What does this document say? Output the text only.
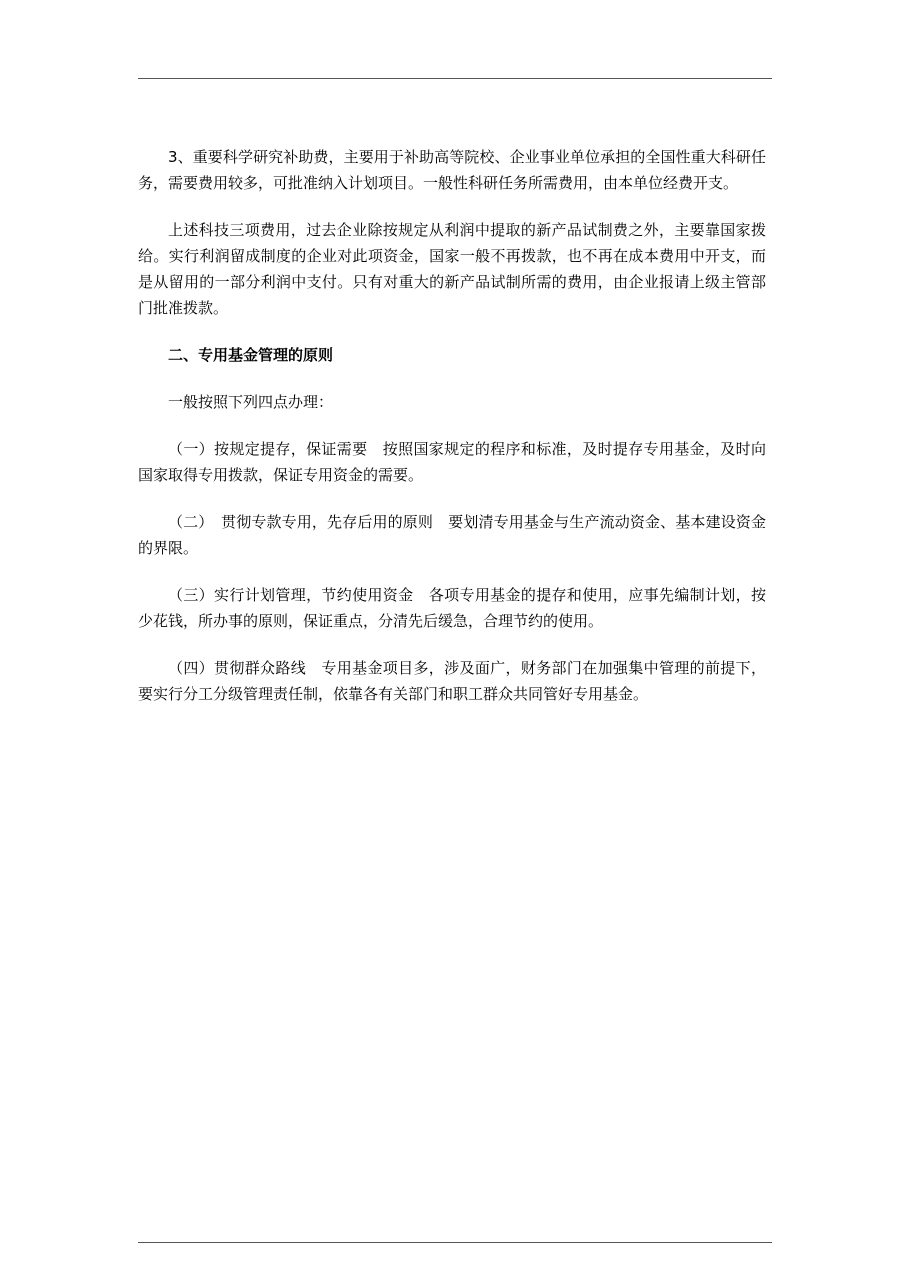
3、重要科学研究补助费，主要用于补助高等院校、企业事业单位承担的全国性重大科研任务，需要费用较多，可批准纳入计划项目。一般性科研任务所需费用，由本单位经费开支。

上述科技三项费用，过去企业除按规定从利润中提取的新产品试制费之外，主要靠国家拨给。实行利润留成制度的企业对此项资金，国家一般不再拨款，也不再在成本费用中开支，而是从留用的一部分利润中支付。只有对重大的新产品试制所需的费用，由企业报请上级主管部门批准拨款。

二、专用基金管理的原则

一般按照下列四点办理：

（一）按规定提存，保证需要　按照国家规定的程序和标准，及时提存专用基金，及时向国家取得专用拨款，保证专用资金的需要。

（二）　贯彻专款专用，先存后用的原则　要划清专用基金与生产流动资金、基本建设资金的界限。

（三）实行计划管理，节约使用资金　各项专用基金的提存和使用，应事先编制计划，按少花钱，所办事的原则，保证重点，分清先后缓急，合理节约的使用。

（四）贯彻群众路线　专用基金项目多，涉及面广，财务部门在加强集中管理的前提下，要实行分工分级管理责任制，依靠各有关部门和职工群众共同管好专用基金。
